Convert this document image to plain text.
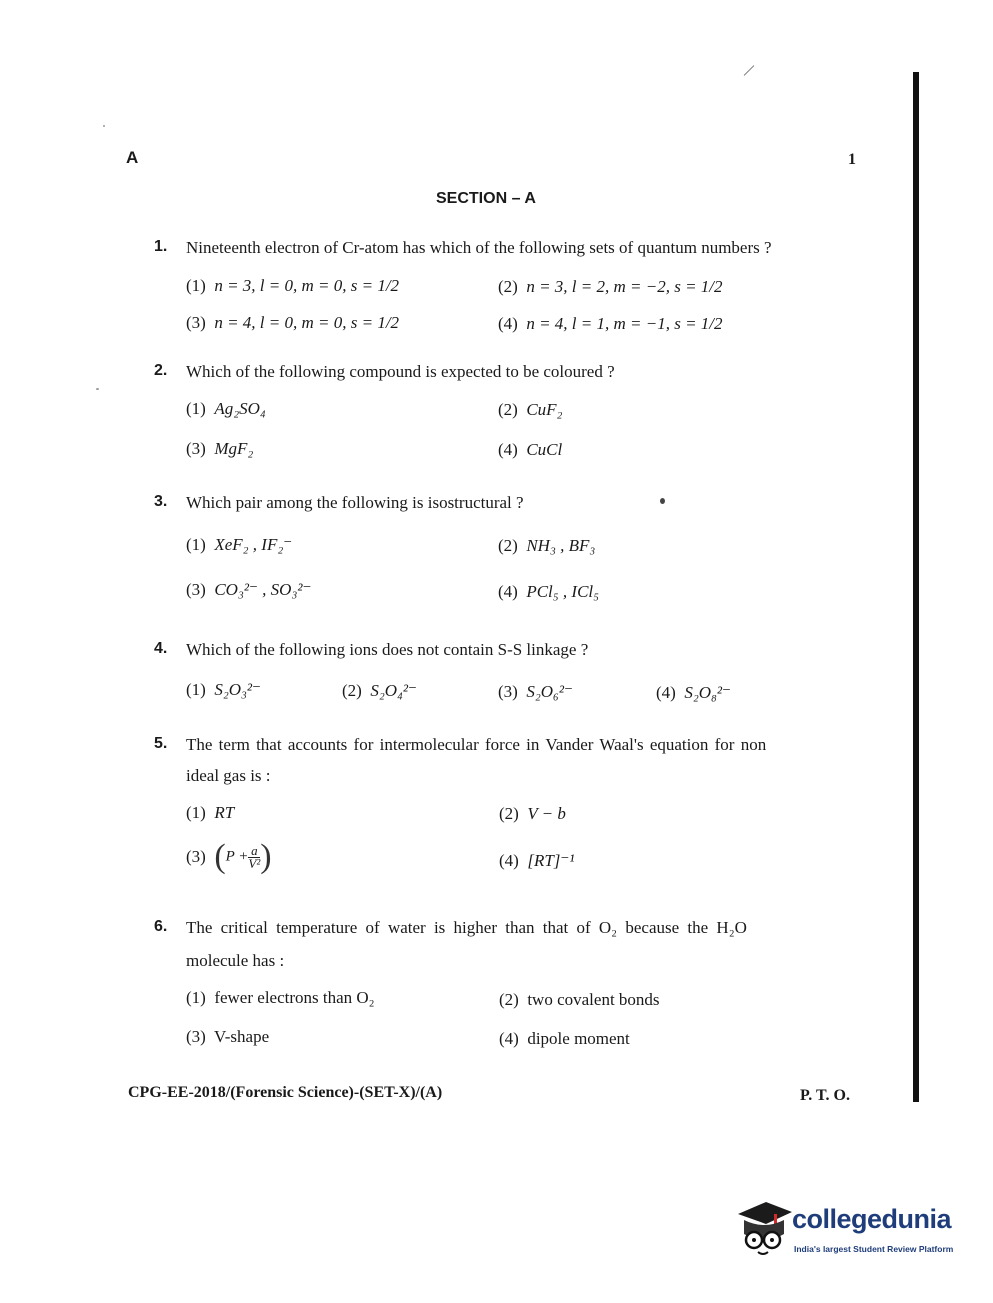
A	1
SECTION – A
1. Nineteenth electron of Cr-atom has which of the following sets of quantum numbers ?
(1) n = 3, l = 0, m = 0, s = 1/2	(2) n = 3, l = 2, m = −2, s = 1/2
(3) n = 4, l = 0, m = 0, s = 1/2	(4) n = 4, l = 1, m = −1, s = 1/2
2. Which of the following compound is expected to be coloured ?
(1) Ag₂SO₄	(2) CuF₂
(3) MgF₂	(4) CuCl
3. Which pair among the following is isostructural ?
(1) XeF₂ , IF₂⁻	(2) NH₃ , BF₃
(3) CO₃²⁻ , SO₃²⁻	(4) PCl₅ , ICl₅
4. Which of the following ions does not contain S-S linkage ?
(1) S₂O₃²⁻	(2) S₂O₄²⁻	(3) S₂O₆²⁻	(4) S₂O₈²⁻
5. The term that accounts for intermolecular force in Vander Waal's equation for non
ideal gas is :
(1) RT	(2) V − b
(3) ($P + \frac{a}{\text{V²}}$ )	(4) [RT]⁻¹
6. The critical temperature of water is higher than that of O₂ because the H₂O
molecule has :
(1) fewer electrons than O₂	(2) two covalent bonds
(3) V-shape	(4) dipole moment
CPG-EE-2018/(Forensic Science)-(SET-X)/(A)	P. T. O.
collegedunia
India's largest Student Review Platform
